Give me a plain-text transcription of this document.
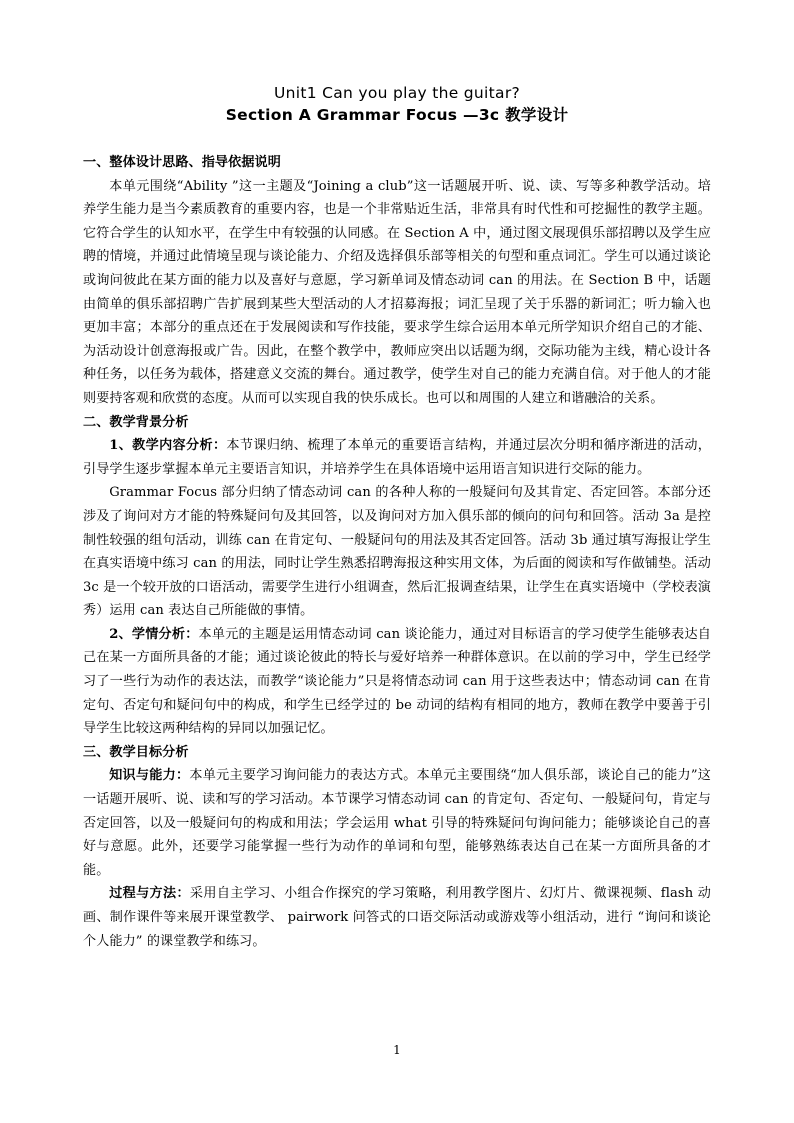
Unit1 Can you play the guitar?
Section A Grammar Focus —3c 教学设计
一、整体设计思路、指导依据说明

本单元围绕“Ability ”这一主题及“Joining a club”这一话题展开听、说、读、写等多种教学活动。培养学生能力是当今素质教育的重要内容，也是一个非常贴近生活，非常具有时代性和可挖掘性的教学主题。它符合学生的认知水平，在学生中有较强的认同感。在 Section A 中，通过图文展现俱乐部招聘以及学生应聘的情境，并通过此情境呈现与谈论能力、介绍及选择俱乐部等相关的句型和重点词汇。学生可以通过谈论或询问彼此在某方面的能力以及喜好与意愿，学习新单词及情态动词 can 的用法。在 Section B 中，话题由简单的俱乐部招聘广告扩展到某些大型活动的人才招募海报；词汇呈现了关于乐器的新词汇；听力输入也更加丰富；本部分的重点还在于发展阅读和写作技能，要求学生综合运用本单元所学知识介绍自己的才能、为活动设计创意海报或广告。因此，在整个教学中，教师应突出以话题为纲，交际功能为主线，精心设计各种任务，以任务为载体，搭建意义交流的舞台。通过教学，使学生对自己的能力充满自信。对于他人的才能则要持客观和欣赏的态度。从而可以实现自我的快乐成长。也可以和周围的人建立和谐融洽的关系。

二、教学背景分析

1、教学内容分析：本节课归纳、梳理了本单元的重要语言结构，并通过层次分明和循序渐进的活动，引导学生逐步掌握本单元主要语言知识，并培养学生在具体语境中运用语言知识进行交际的能力。

Grammar Focus 部分归纳了情态动词 can 的各种人称的一般疑问句及其肯定、否定回答。本部分还涉及了询问对方才能的特殊疑问句及其回答，以及询问对方加入俱乐部的倾向的问句和回答。活动 3a 是控制性较强的组句活动，训练 can 在肯定句、一般疑问句的用法及其否定回答。活动 3b 通过填写海报让学生在真实语境中练习 can 的用法，同时让学生熟悉招聘海报这种实用文体，为后面的阅读和写作做铺垫。活动 3c 是一个较开放的口语活动，需要学生进行小组调查，然后汇报调查结果，让学生在真实语境中（学校表演秀）运用 can 表达自己所能做的事情。

2、学情分析：本单元的主题是运用情态动词 can 谈论能力，通过对目标语言的学习使学生能够表达自己在某一方面所具备的才能；通过谈论彼此的特长与爱好培养一种群体意识。在以前的学习中，学生已经学习了一些行为动作的表达法，而教学“谈论能力”只是将情态动词 can 用于这些表达中；情态动词 can 在肯定句、否定句和疑问句中的构成，和学生已经学过的 be 动词的结构有相同的地方，教师在教学中要善于引导学生比较这两种结构的异同以加强记忆。

三、教学目标分析

知识与能力：本单元主要学习询问能力的表达方式。本单元主要围绕“加人俱乐部，谈论自己的能力”这一话题开展听、说、读和写的学习活动。本节课学习情态动词 can 的肯定句、否定句、一般疑问句，肯定与否定回答，以及一般疑问句的构成和用法；学会运用 what 引导的特殊疑问句询问能力；能够谈论自己的喜好与意愿。此外，还要学习能掌握一些行为动作的单词和句型，能够熟练表达自己在某一方面所具备的才能。

过程与方法：采用自主学习、小组合作探究的学习策略，利用教学图片、幻灯片、微课视频、flash 动画、制作课件等来展开课堂教学、 pairwork 问答式的口语交际活动或游戏等小组活动，进行 “询问和谈论个人能力” 的课堂教学和练习。

1
